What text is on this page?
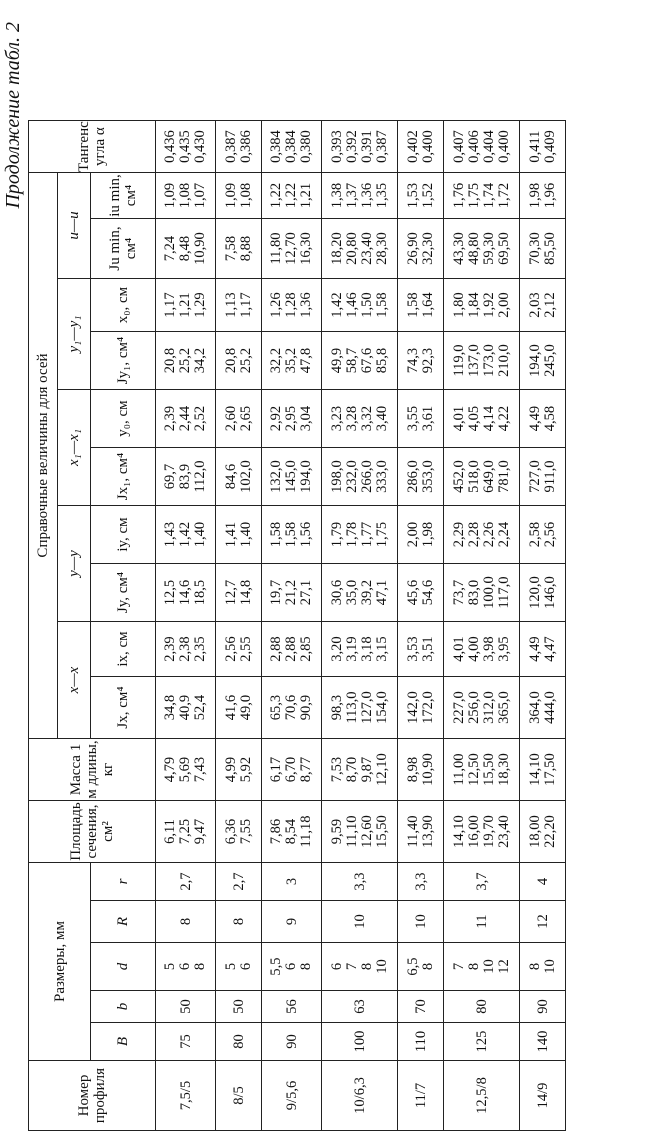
Продолжение табл. 2
Номер профиля	Размеры, мм					Площадь сечения, см²	Масса 1 м длины, кг	Справочные величины для осей										Тангенс угла α
								x—x		y—y		x₁—x₁		y₁—y₁		u—u		
	B	b	d	R	r			Jx, см⁴	ix, см	Jy, см⁴	iy, см	Jx₁, см⁴	y₀, см	Jy₁, см⁴	x₀, см	Ju min, см⁴	iu min, см⁴	
7,5/5	75	50	5 6 8	8	2,7	6,11 7,25 9,47	4,79 5,69 7,43	34,8 40,9 52,4	2,39 2,38 2,35	12,5 14,6 18,5	1,43 1,42 1,40	69,7 83,9 112,0	2,39 2,44 2,52	20,8 25,2 34,2	1,17 1,21 1,29	7,24 8,48 10,90	1,09 1,08 1,07	0,436 0,435 0,430

8/5	80	50	5 6	8	2,7	6,36 7,55	4,99 5,92	41,6 49,0	2,56 2,55	12,7 14,8	1,41 1,40	84,6 102,0	2,60 2,65	20,8 25,2	1,13 1,17	7,58 8,88	1,09 1,08	0,387 0,386

9/5,6	90	56	5,5 6 8	9	3	7,86 8,54 11,18	6,17 6,70 8,77	65,3 70,6 90,9	2,88 2,88 2,85	19,7 21,2 27,1	1,58 1,58 1,56	132,0 145,0 194,0	2,92 2,95 3,04	32,2 35,2 47,8	1,26 1,28 1,36	11,80 12,70 16,30	1,22 1,22 1,21	0,384 0,384 0,380

10/6,3	100	63	6 7 8 10	10	3,3	9,59 11,10 12,60 15,50	7,53 8,70 9,87 12,10	98,3 113,0 127,0 154,0	3,20 3,19 3,18 3,15	30,6 35,0 39,2 47,1	1,79 1,78 1,77 1,75	198,0 232,0 266,0 333,0	3,23 3,28 3,32 3,40	49,9 58,7 67,6 85,8	1,42 1,46 1,50 1,58	18,20 20,80 23,40 28,30	1,38 1,37 1,36 1,35	0,393 0,392 0,391 0,387

11/7	110	70	6,5 8	10	3,3	11,40 13,90	8,98 10,90	142,0 172,0	3,53 3,51	45,6 54,6	2,00 1,98	286,0 353,0	3,55 3,61	74,3 92,3	1,58 1,64	26,90 32,30	1,53 1,52	0,402 0,400

12,5/8	125	80	7 8 10 12	11	3,7	14,10 16,00 19,70 23,40	11,00 12,50 15,50 18,30	227,0 256,0 312,0 365,0	4,01 4,00 3,98 3,95	73,7 83,0 100,0 117,0	2,29 2,28 2,26 2,24	452,0 518,0 649,0 781,0	4,01 4,05 4,14 4,22	119,0 137,0 173,0 210,0	1,80 1,84 1,92 2,00	43,30 48,80 59,30 69,50	1,76 1,75 1,74 1,72	0,407 0,406 0,404 0,400

14/9	140	90	8 10	12	4	18,00 22,20	14,10 17,50	364,0 444,0	4,49 4,47	120,0 146,0	2,58 2,56	727,0 911,0	4,49 4,58	194,0 245,0	2,03 2,12	70,30 85,50	1,98 1,96	0,411 0,409
